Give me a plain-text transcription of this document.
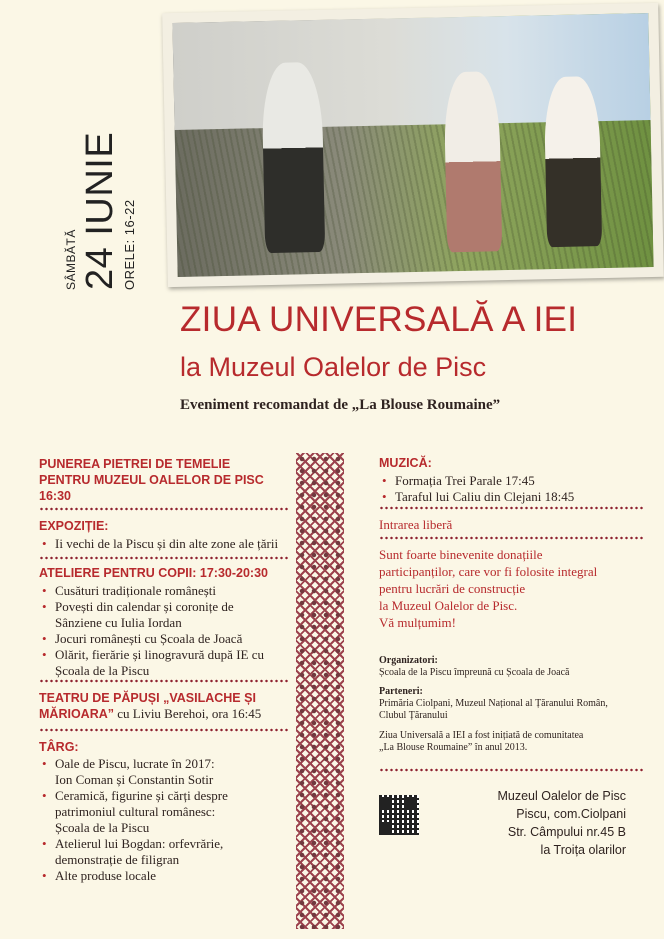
SÂMBĂTĂ 24 IUNIE ORELE: 16-22
ZIUA UNIVERSALĂ A IEI
la Muzeul Oalelor de Pisc
Eveniment recomandat de „La Blouse Roumaine”
PUNEREA PIETREI DE TEMELIE
PENTRU MUZEUL OALELOR DE PISC
16:30
EXPOZIȚIE:
• Ii vechi de la Piscu și din alte zone ale țării
ATELIERE PENTRU COPII: 17:30-20:30
• Cusături tradiționale românești
• Povești din calendar și coronițe de
Sânziene cu Iulia Iordan
• Jocuri românești cu Școala de Joacă
• Olărit, fierărie și linogravură după IE cu
Școala de la Piscu
TEATRU DE PĂPUȘI „VASILACHE ȘI
MĂRIOARA” cu Liviu Berehoi, ora 16:45
TÂRG:
• Oale de Piscu, lucrate în 2017:
Ion Coman și Constantin Sotir
• Ceramică, figurine și cărți despre
patrimoniul cultural românesc:
Școala de la Piscu
• Atelierul lui Bogdan: orfevrărie,
demonstrație de filigran
• Alte produse locale
MUZICĂ:
• Formația Trei Parale 17:45
• Taraful lui Caliu din Clejani 18:45
Intrarea liberă
Sunt foarte binevenite donațiile
participanților, care vor fi folosite integral
pentru lucrări de construcție
la Muzeul Oalelor de Pisc.
Vă mulțumim!
Organizatori:
Școala de la Piscu împreună cu Școala de Joacă
Parteneri:
Primăria Ciolpani, Muzeul Național al Țăranului Român,
Clubul Țăranului
Ziua Universală a IEI a fost inițiată de comunitatea
„La Blouse Roumaine” în anul 2013.
Muzeul Oalelor de Pisc
Piscu, com.Ciolpani
Str. Câmpului nr.45 B
la Troița olarilor
